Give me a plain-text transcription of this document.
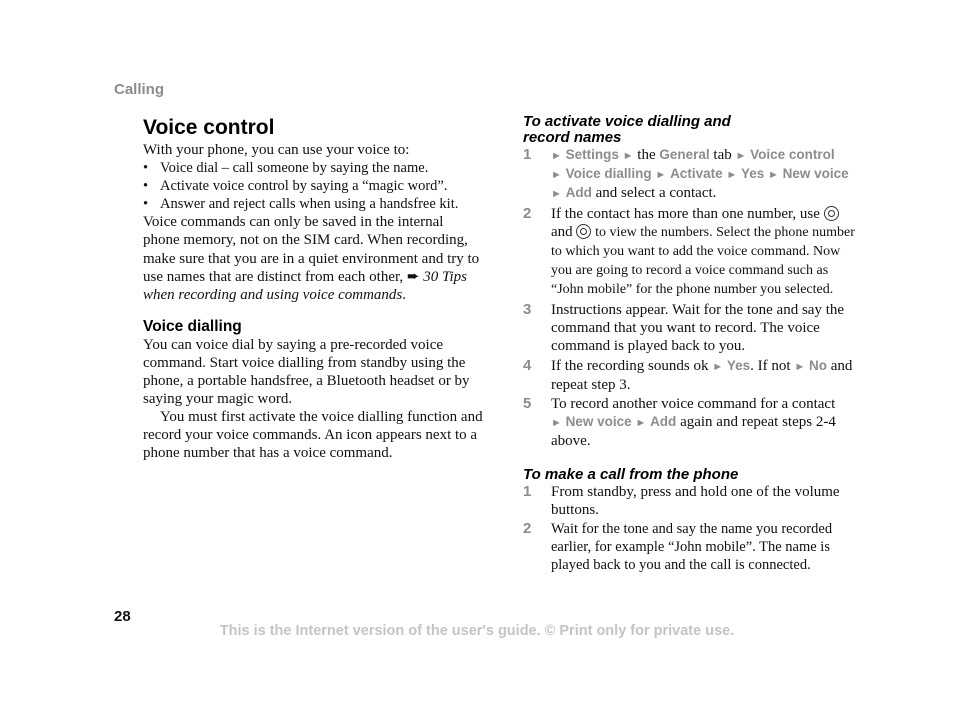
Calling
Voice control

With your phone, you can use your voice to:

• Voice dial – call someone by saying the name.
• Activate voice control by saying a “magic word”.
• Answer and reject calls when using a handsfree kit.

Voice commands can only be saved in the internal phone memory, not on the SIM card. When recording, make sure that you are in a quiet environment and try to use names that are distinct from each other, ➨ 30 Tips when recording and using voice commands.

Voice dialling

You can voice dial by saying a pre-recorded voice command. Start voice dialling from standby using the phone, a portable handsfree, a Bluetooth headset or by saying your magic word.

You must first activate the voice dialling function and record your voice commands. An icon appears next to a phone number that has a voice command.

To activate voice dialling and
record names
1 ► Settings ► the General tab ► Voice control
► Voice dialling ► Activate ► Yes ► New voice
► Add and select a contact.
2 If the contact has more than one number, use  and to view the numbers. Select the phone number to which you want to add the voice command. Now you are going to record a voice command such as “John mobile” for the phone number you selected.
3 Instructions appear. Wait for the tone and say the command that you want to record. The voice command is played back to you.
4 If the recording sounds ok ► Yes. If not ► No and repeat step 3.
5 To record another voice command for a contact
► New voice ► Add again and repeat steps 2-4 above.
To make a call from the phone
1 From standby, press and hold one of the volume buttons.
2 Wait for the tone and say the name you recorded earlier, for example “John mobile”. The name is played back to you and the call is connected.
28
This is the Internet version of the user's guide. © Print only for private use.
